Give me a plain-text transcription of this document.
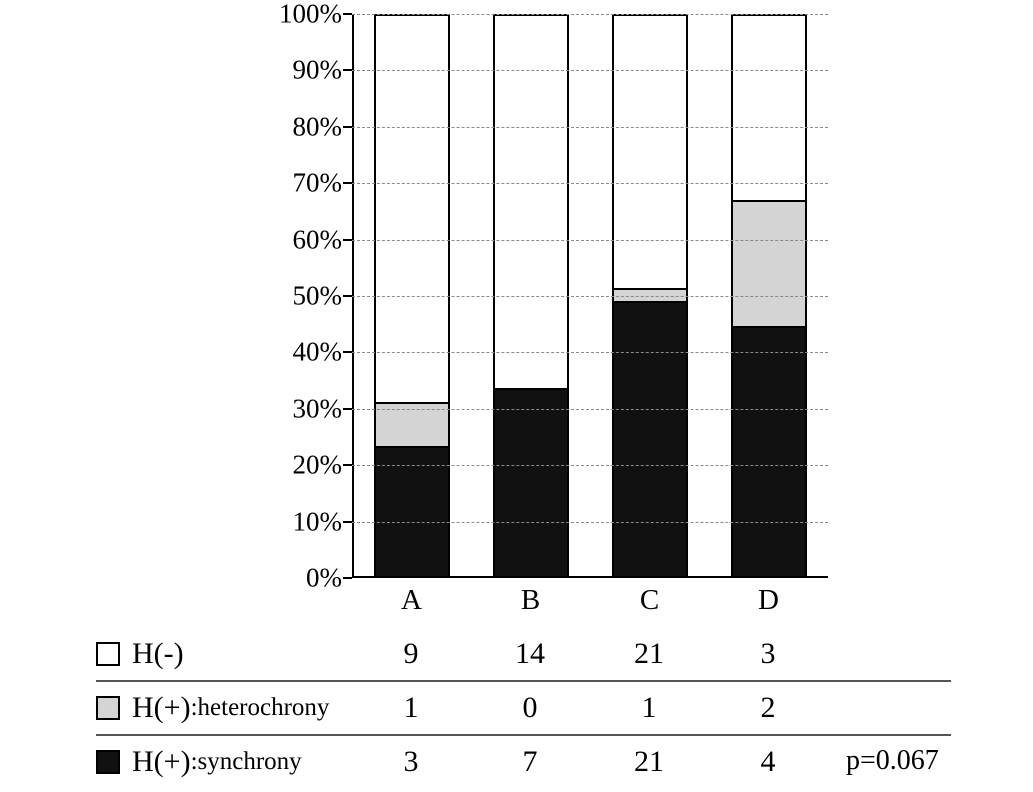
A	B	C	D
0%
10%
20%
30%
40%
50%
60%
70%
80%
90%
100%
H(-)	9	14	21	3
H(+) :heterochrony 1	0	1	2
H(+) :synchrony	3	7	21	4	p=0.067
